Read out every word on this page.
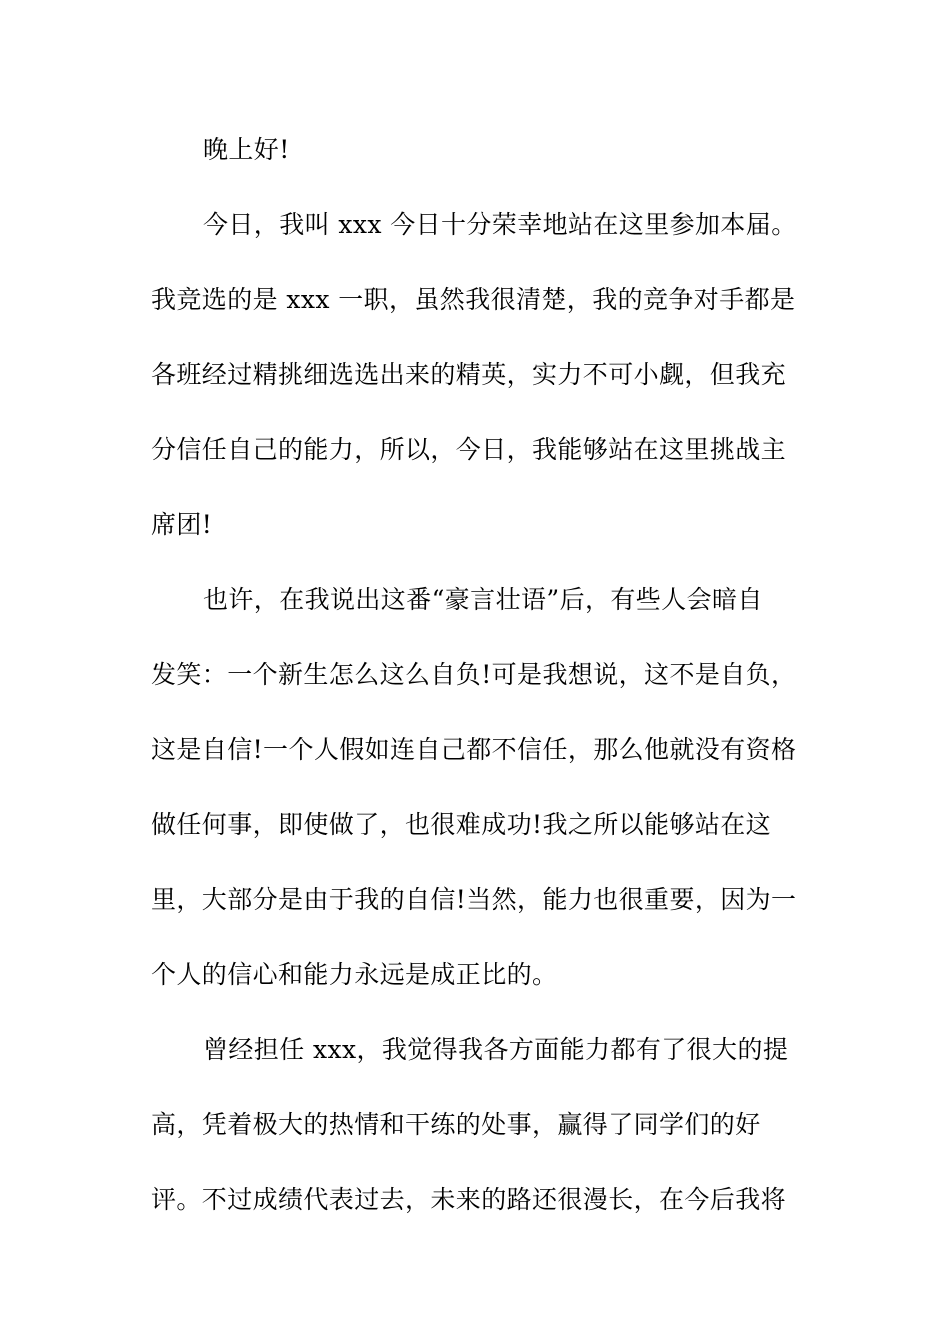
晚上好!
今日，我叫 xxx 今日十分荣幸地站在这里参加本届。
我竞选的是 xxx 一职，虽然我很清楚，我的竞争对手都是
各班经过精挑细选选出来的精英，实力不可小觑，但我充
分信任自己的能力，所以，今日，我能够站在这里挑战主
席团!
也许，在我说出这番“豪言壮语”后，有些人会暗自
发笑：一个新生怎么这么自负!可是我想说，这不是自负，
这是自信!一个人假如连自己都不信任，那么他就没有资格
做任何事，即使做了，也很难成功!我之所以能够站在这
里，大部分是由于我的自信!当然，能力也很重要，因为一
个人的信心和能力永远是成正比的。
曾经担任 xxx，我觉得我各方面能力都有了很大的提
高，凭着极大的热情和干练的处事，赢得了同学们的好
评。不过成绩代表过去，未来的路还很漫长，在今后我将
